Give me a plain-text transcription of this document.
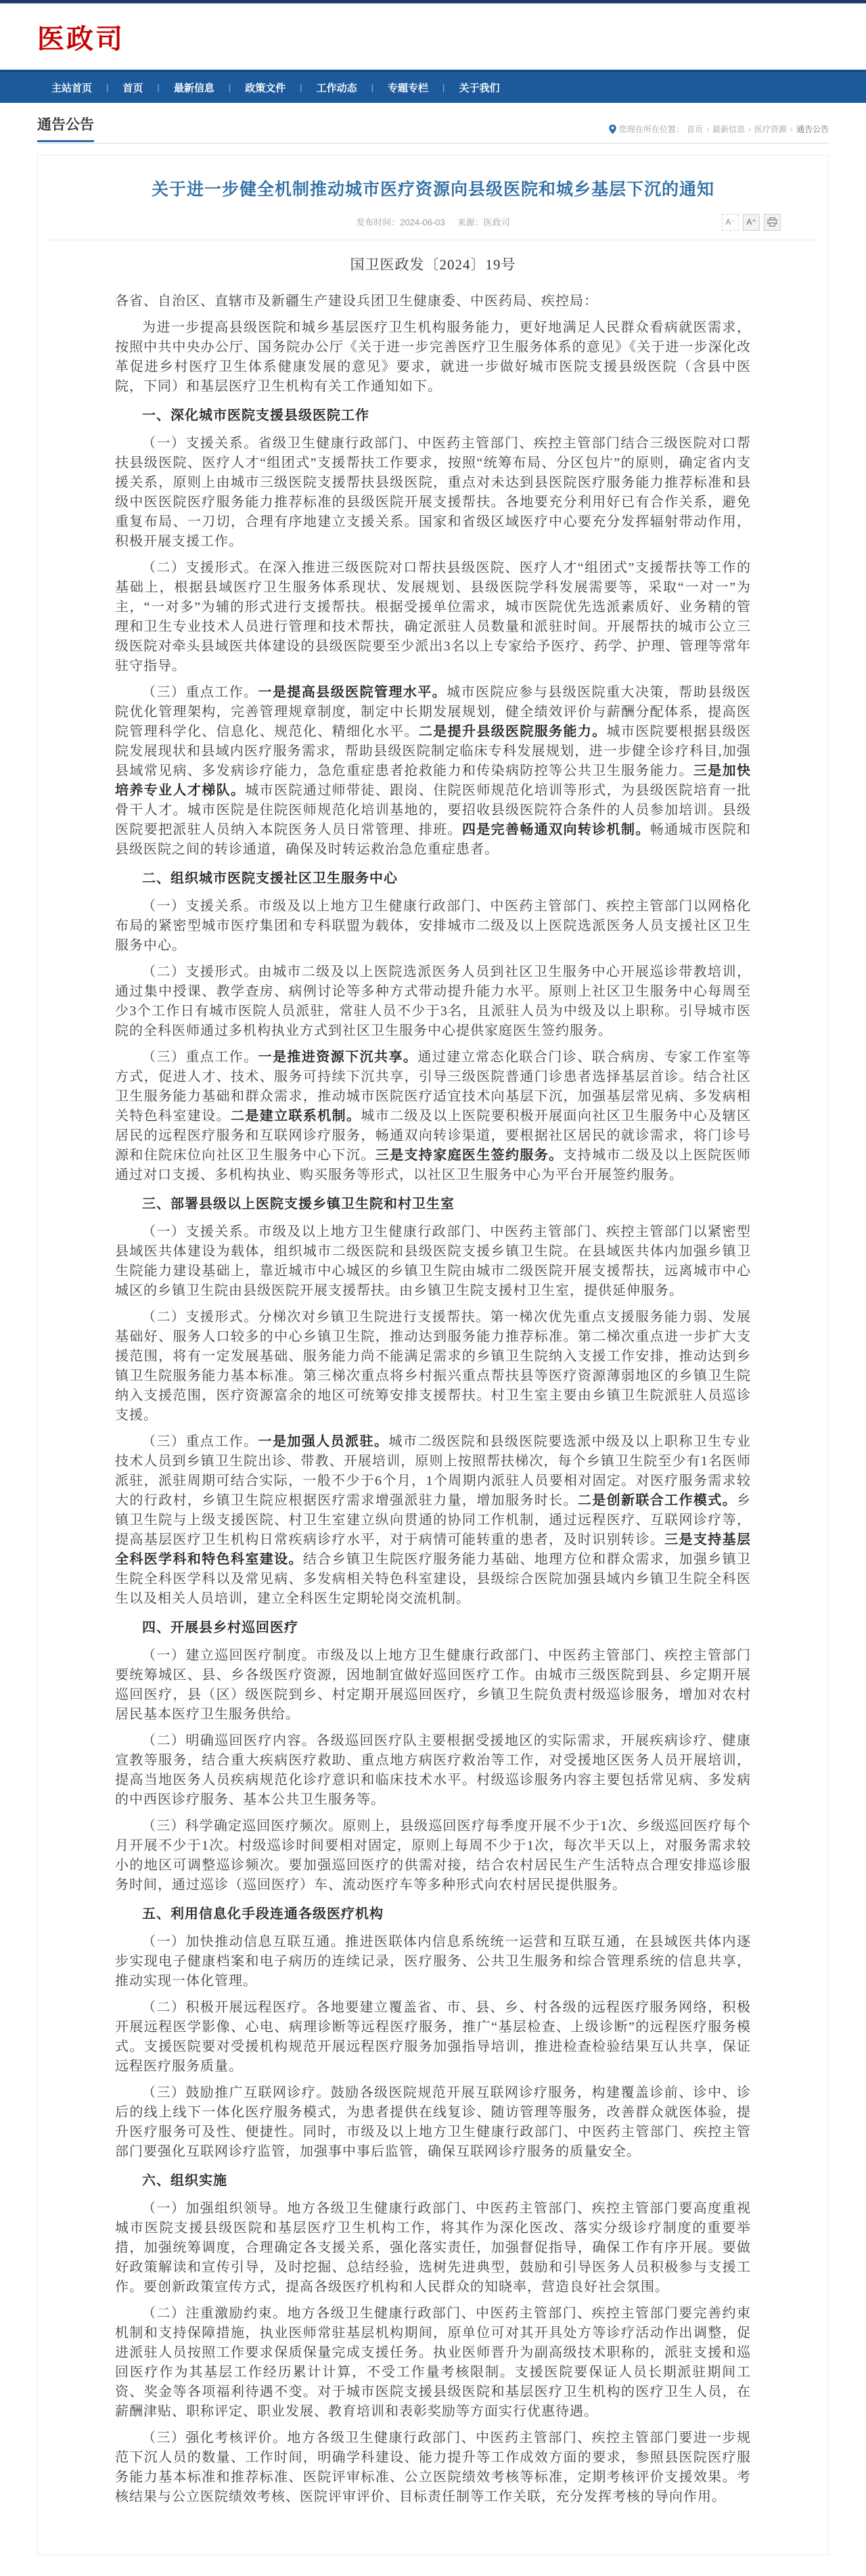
医政司
主站首页	|	首页	|	最新信息	|	政策文件	|	工作动态	|	专题专栏	|	关于我们
通告公告	您现在所在位置： 首页 › 最新信息 › 医疗资源 › 通告公告
关于进一步健全机制推动城市医疗资源向县级医院和城乡基层下沉的通知
发布时间：2024-06-03 来源：医政司	A⁻	A⁺
国卫医政发〔2024〕19号

各省、自治区、直辖市及新疆生产建设兵团卫生健康委、中医药局、疾控局：

为进一步提高县级医院和城乡基层医疗卫生机构服务能力，更好地满足人民群众看病就医需求，按照中共中央办公厅、国务院办公厅《关于进一步完善医疗卫生服务体系的意见》《关于进一步深化改革促进乡村医疗卫生体系健康发展的意见》要求，就进一步做好城市医院支援县级医院（含县中医院，下同）和基层医疗卫生机构有关工作通知如下。

一、深化城市医院支援县级医院工作

（一）支援关系。省级卫生健康行政部门、中医药主管部门、疾控主管部门结合三级医院对口帮扶县级医院、医疗人才“组团式”支援帮扶工作要求，按照“统筹布局、分区包片”的原则，确定省内支援关系，原则上由城市三级医院支援帮扶县级医院，重点对未达到县医院医疗服务能力推荐标准和县级中医医院医疗服务能力推荐标准的县级医院开展支援帮扶。各地要充分利用好已有合作关系，避免重复布局、一刀切，合理有序地建立支援关系。国家和省级区域医疗中心要充分发挥辐射带动作用，积极开展支援工作。

（二）支援形式。在深入推进三级医院对口帮扶县级医院、医疗人才“组团式”支援帮扶等工作的基础上，根据县域医疗卫生服务体系现状、发展规划、县级医院学科发展需要等，采取“一对一”为主，“一对多”为辅的形式进行支援帮扶。根据受援单位需求，城市医院优先选派素质好、业务精的管理和卫生专业技术人员进行管理和技术帮扶，确定派驻人员数量和派驻时间。开展帮扶的城市公立三级医院对牵头县域医共体建设的县级医院要至少派出3名以上专家给予医疗、药学、护理、管理等常年驻守指导。

（三）重点工作。一是提高县级医院管理水平。城市医院应参与县级医院重大决策，帮助县级医院优化管理架构，完善管理规章制度，制定中长期发展规划，健全绩效评价与薪酬分配体系，提高医院管理科学化、信息化、规范化、精细化水平。二是提升县级医院服务能力。城市医院要根据县级医院发展现状和县域内医疗服务需求，帮助县级医院制定临床专科发展规划，进一步健全诊疗科目,加强县域常见病、多发病诊疗能力，急危重症患者抢救能力和传染病防控等公共卫生服务能力。三是加快培养专业人才梯队。城市医院通过师带徒、跟岗、住院医师规范化培训等形式，为县级医院培育一批骨干人才。城市医院是住院医师规范化培训基地的，要招收县级医院符合条件的人员参加培训。县级医院要把派驻人员纳入本院医务人员日常管理、排班。四是完善畅通双向转诊机制。畅通城市医院和县级医院之间的转诊通道，确保及时转运救治急危重症患者。

二、组织城市医院支援社区卫生服务中心

（一）支援关系。市级及以上地方卫生健康行政部门、中医药主管部门、疾控主管部门以网格化布局的紧密型城市医疗集团和专科联盟为载体，安排城市二级及以上医院选派医务人员支援社区卫生服务中心。

（二）支援形式。由城市二级及以上医院选派医务人员到社区卫生服务中心开展巡诊带教培训，通过集中授课、教学查房、病例讨论等多种方式带动提升能力水平。原则上社区卫生服务中心每周至少3个工作日有城市医院人员派驻，常驻人员不少于3名，且派驻人员为中级及以上职称。引导城市医院的全科医师通过多机构执业方式到社区卫生服务中心提供家庭医生签约服务。

（三）重点工作。一是推进资源下沉共享。通过建立常态化联合门诊、联合病房、专家工作室等方式，促进人才、技术、服务可持续下沉共享，引导三级医院普通门诊患者选择基层首诊。结合社区卫生服务能力基础和群众需求，推动城市医院医疗适宜技术向基层下沉，加强基层常见病、多发病相关特色科室建设。二是建立联系机制。城市二级及以上医院要积极开展面向社区卫生服务中心及辖区居民的远程医疗服务和互联网诊疗服务，畅通双向转诊渠道，要根据社区居民的就诊需求，将门诊号源和住院床位向社区卫生服务中心下沉。三是支持家庭医生签约服务。支持城市二级及以上医院医师通过对口支援、多机构执业、购买服务等形式，以社区卫生服务中心为平台开展签约服务。

三、部署县级以上医院支援乡镇卫生院和村卫生室

（一）支援关系。市级及以上地方卫生健康行政部门、中医药主管部门、疾控主管部门以紧密型县域医共体建设为载体，组织城市二级医院和县级医院支援乡镇卫生院。在县域医共体内加强乡镇卫生院能力建设基础上，靠近城市中心城区的乡镇卫生院由城市二级医院开展支援帮扶，远离城市中心城区的乡镇卫生院由县级医院开展支援帮扶。由乡镇卫生院支援村卫生室，提供延伸服务。

（二）支援形式。分梯次对乡镇卫生院进行支援帮扶。第一梯次优先重点支援服务能力弱、发展基础好、服务人口较多的中心乡镇卫生院，推动达到服务能力推荐标准。第二梯次重点进一步扩大支援范围，将有一定发展基础、服务能力尚不能满足需求的乡镇卫生院纳入支援工作安排，推动达到乡镇卫生院服务能力基本标准。第三梯次重点将乡村振兴重点帮扶县等医疗资源薄弱地区的乡镇卫生院纳入支援范围，医疗资源富余的地区可统筹安排支援帮扶。村卫生室主要由乡镇卫生院派驻人员巡诊支援。

（三）重点工作。一是加强人员派驻。城市二级医院和县级医院要选派中级及以上职称卫生专业技术人员到乡镇卫生院出诊、带教、开展培训，原则上按照帮扶梯次，每个乡镇卫生院至少有1名医师派驻，派驻周期可结合实际，一般不少于6个月，1个周期内派驻人员要相对固定。对医疗服务需求较大的行政村，乡镇卫生院应根据医疗需求增强派驻力量，增加服务时长。二是创新联合工作模式。乡镇卫生院与上级支援医院、村卫生室建立纵向贯通的协同工作机制，通过远程医疗、互联网诊疗等，提高基层医疗卫生机构日常疾病诊疗水平，对于病情可能转重的患者，及时识别转诊。三是支持基层全科医学科和特色科室建设。结合乡镇卫生院医疗服务能力基础、地理方位和群众需求，加强乡镇卫生院全科医学科以及常见病、多发病相关特色科室建设，县级综合医院加强县域内乡镇卫生院全科医生以及相关人员培训，建立全科医生定期轮岗交流机制。

四、开展县乡村巡回医疗

（一）建立巡回医疗制度。市级及以上地方卫生健康行政部门、中医药主管部门、疾控主管部门要统筹城区、县、乡各级医疗资源，因地制宜做好巡回医疗工作。由城市三级医院到县、乡定期开展巡回医疗，县（区）级医院到乡、村定期开展巡回医疗，乡镇卫生院负责村级巡诊服务，增加对农村居民基本医疗卫生服务供给。

（二）明确巡回医疗内容。各级巡回医疗队主要根据受援地区的实际需求，开展疾病诊疗、健康宣教等服务，结合重大疾病医疗救助、重点地方病医疗救治等工作，对受援地区医务人员开展培训，提高当地医务人员疾病规范化诊疗意识和临床技术水平。村级巡诊服务内容主要包括常见病、多发病的中西医诊疗服务、基本公共卫生服务等。

（三）科学确定巡回医疗频次。原则上，县级巡回医疗每季度开展不少于1次、乡级巡回医疗每个月开展不少于1次。村级巡诊时间要相对固定，原则上每周不少于1次，每次半天以上，对服务需求较小的地区可调整巡诊频次。要加强巡回医疗的供需对接，结合农村居民生产生活特点合理安排巡诊服务时间，通过巡诊（巡回医疗）车、流动医疗车等多种形式向农村居民提供服务。

五、利用信息化手段连通各级医疗机构

（一）加快推动信息互联互通。推进医联体内信息系统统一运营和互联互通，在县域医共体内逐步实现电子健康档案和电子病历的连续记录，医疗服务、公共卫生服务和综合管理系统的信息共享，推动实现一体化管理。

（二）积极开展远程医疗。各地要建立覆盖省、市、县、乡、村各级的远程医疗服务网络，积极开展远程医学影像、心电、病理诊断等远程医疗服务，推广“基层检查、上级诊断”的远程医疗服务模式。支援医院要对受援机构规范开展远程医疗服务加强指导培训，推进检查检验结果互认共享，保证远程医疗服务质量。

（三）鼓励推广互联网诊疗。鼓励各级医院规范开展互联网诊疗服务，构建覆盖诊前、诊中、诊后的线上线下一体化医疗服务模式，为患者提供在线复诊、随访管理等服务，改善群众就医体验，提升医疗服务可及性、便捷性。同时，市级及以上地方卫生健康行政部门、中医药主管部门、疾控主管部门要强化互联网诊疗监管，加强事中事后监管，确保互联网诊疗服务的质量安全。

六、组织实施

（一）加强组织领导。地方各级卫生健康行政部门、中医药主管部门、疾控主管部门要高度重视城市医院支援县级医院和基层医疗卫生机构工作，将其作为深化医改、落实分级诊疗制度的重要举措，加强统筹调度，合理确定各支援关系，强化落实责任，加强督促指导，确保工作有序开展。要做好政策解读和宣传引导，及时挖掘、总结经验，选树先进典型，鼓励和引导医务人员积极参与支援工作。要创新政策宣传方式，提高各级医疗机构和人民群众的知晓率，营造良好社会氛围。

（二）注重激励约束。地方各级卫生健康行政部门、中医药主管部门、疾控主管部门要完善约束机制和支持保障措施，执业医师常驻基层机构期间，原单位可对其开具处方等诊疗活动作出调整，促进派驻人员按照工作要求保质保量完成支援任务。执业医师晋升为副高级技术职称的，派驻支援和巡回医疗作为其基层工作经历累计计算，不受工作量考核限制。支援医院要保证人员长期派驻期间工资、奖金等各项福利待遇不变。对于城市医院支援县级医院和基层医疗卫生机构的医疗卫生人员，在薪酬津贴、职称评定、职业发展、教育培训和表彰奖励等方面实行优惠待遇。

（三）强化考核评价。地方各级卫生健康行政部门、中医药主管部门、疾控主管部门要进一步规范下沉人员的数量、工作时间，明确学科建设、能力提升等工作成效方面的要求，参照县医院医疗服务能力基本标准和推荐标准、医院评审标准、公立医院绩效考核等标准，定期考核评价支援效果。考核结果与公立医院绩效考核、医院评审评价、目标责任制等工作关联，充分发挥考核的导向作用。
